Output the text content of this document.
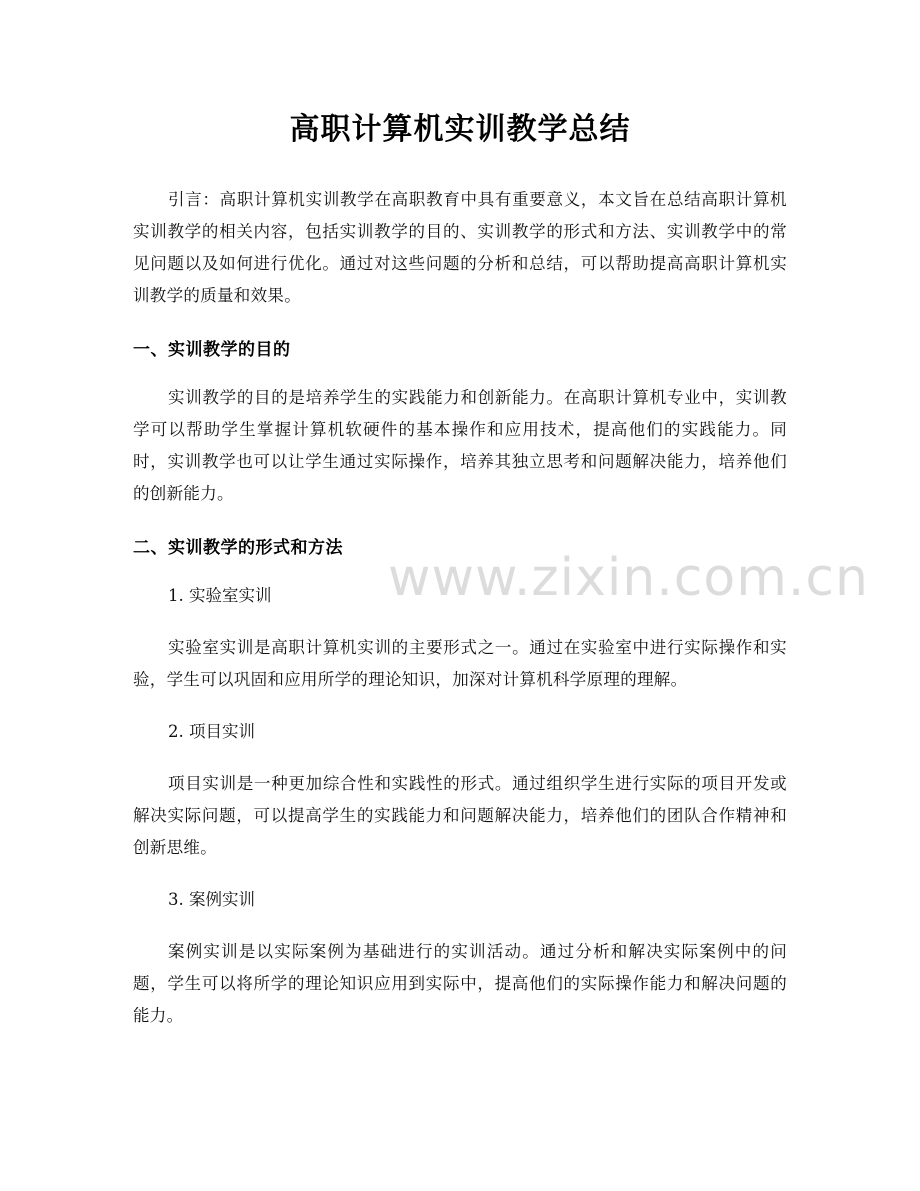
高职计算机实训教学总结

引言：高职计算机实训教学在高职教育中具有重要意义，本文旨在总结高职计算机实训教学的相关内容，包括实训教学的目的、实训教学的形式和方法、实训教学中的常见问题以及如何进行优化。通过对这些问题的分析和总结，可以帮助提高高职计算机实训教学的质量和效果。

一、实训教学的目的

实训教学的目的是培养学生的实践能力和创新能力。在高职计算机专业中，实训教学可以帮助学生掌握计算机软硬件的基本操作和应用技术，提高他们的实践能力。同时，实训教学也可以让学生通过实际操作，培养其独立思考和问题解决能力，培养他们的创新能力。

二、实训教学的形式和方法

1. 实验室实训

实验室实训是高职计算机实训的主要形式之一。通过在实验室中进行实际操作和实验，学生可以巩固和应用所学的理论知识，加深对计算机科学原理的理解。

2. 项目实训

项目实训是一种更加综合性和实践性的形式。通过组织学生进行实际的项目开发或解决实际问题，可以提高学生的实践能力和问题解决能力，培养他们的团队合作精神和创新思维。

3. 案例实训

案例实训是以实际案例为基础进行的实训活动。通过分析和解决实际案例中的问题，学生可以将所学的理论知识应用到实际中，提高他们的实际操作能力和解决问题的能力。

www.zixin.com.cn
